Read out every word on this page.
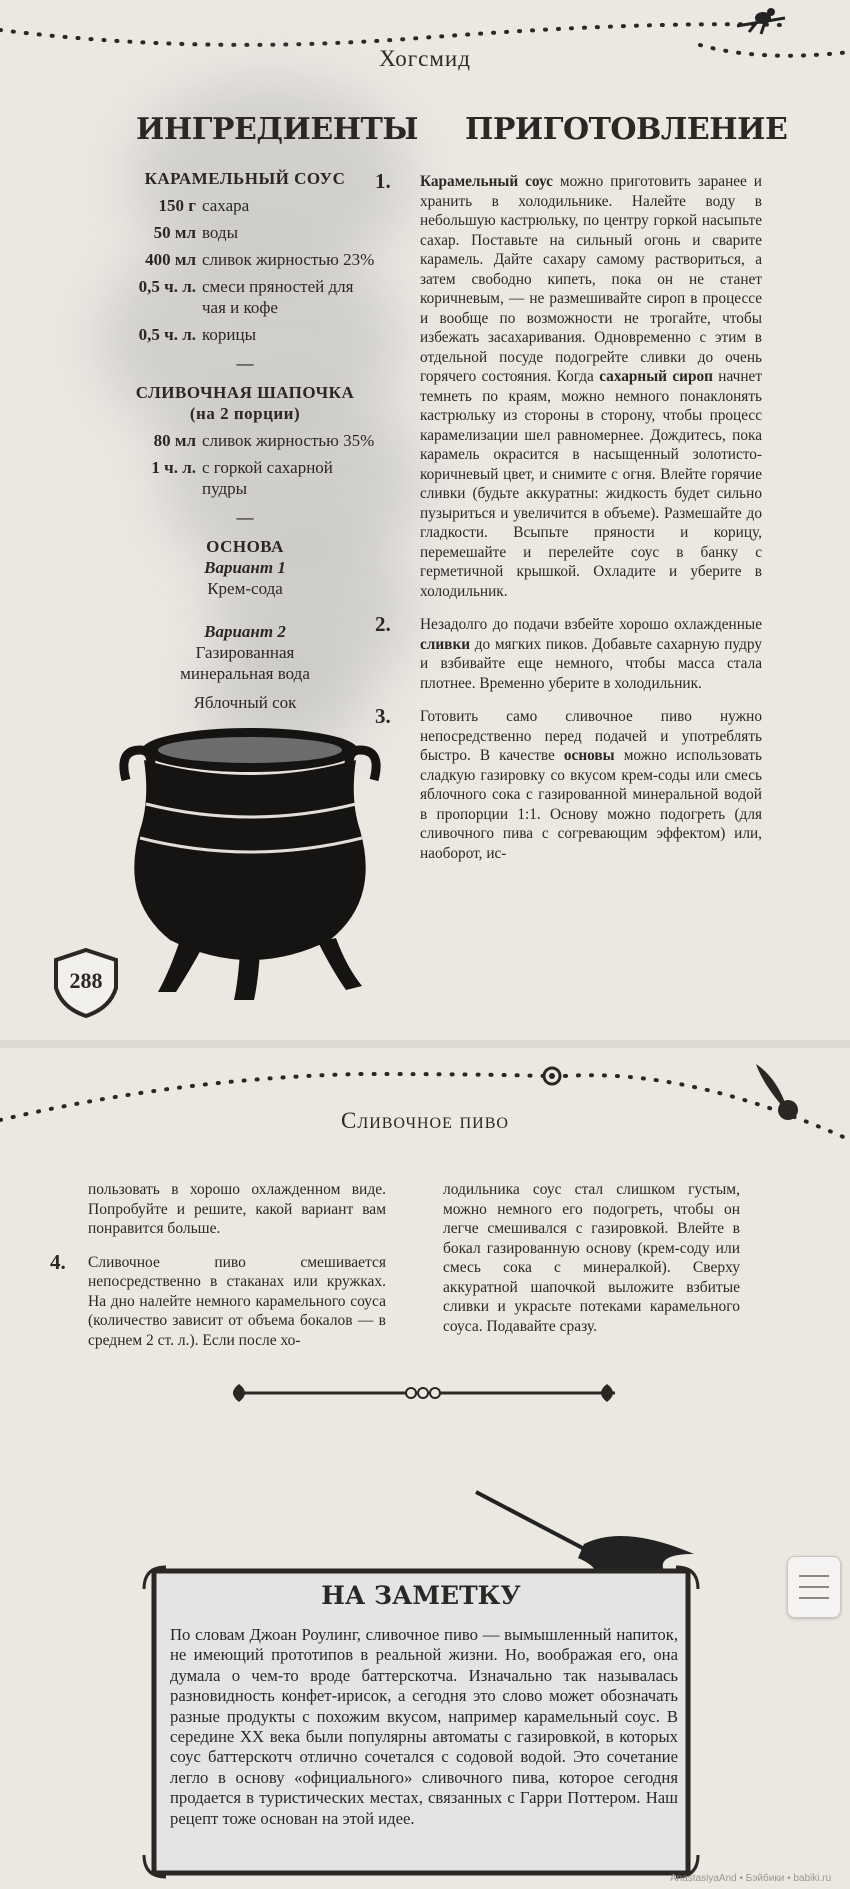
Хогсмид
ИНГРЕДИЕНТЫ ПРИГОТОВЛЕНИЕ
КАРАМЕЛЬНЫЙ СОУС
150 г сахара
50 мл воды
400 мл сливок жирностью 23%
0,5 ч. л. смеси пряностей для чая и кофе
0,5 ч. л. корицы
—
СЛИВОЧНАЯ ШАПОЧКА
(на 2 порции)
80 мл сливок жирностью 35%
1 ч. л. с горкой сахарной пудры
—
ОСНОВА
Вариант 1
Крем-сода
Вариант 2
Газированная
минеральная вода
Яблочный сок
288
1. Карамельный соус можно приготовить заранее и хранить в холодильнике. Налейте воду в небольшую кастрюльку, по центру горкой насыпьте сахар. Поставьте на сильный огонь и сварите карамель. Дайте сахару самому раствориться, а затем свободно кипеть, пока он не станет коричневым, — не размешивайте сироп в процессе и вообще по возможности не трогайте, чтобы избежать засахаривания. Одновременно с этим в отдельной посуде подогрейте сливки до очень горячего состояния. Когда сахарный сироп начнет темнеть по краям, можно немного понаклонять кастрюльку из стороны в сторону, чтобы процесс карамелизации шел равномернее. Дождитесь, пока карамель окрасится в насыщенный золотисто-коричневый цвет, и снимите с огня. Влейте горячие сливки (будьте аккуратны: жидкость будет сильно пузыриться и увеличится в объеме). Размешайте до гладкости. Всыпьте пряности и корицу, перемешайте и перелейте соус в банку с герметичной крышкой. Охладите и уберите в холодильник.
2. Незадолго до подачи взбейте хорошо охлажденные сливки до мягких пиков. Добавьте сахарную пудру и взбивайте еще немного, чтобы масса стала плотнее. Временно уберите в холодильник.
3. Готовить само сливочное пиво нужно непосредственно перед подачей и употреблять быстро. В качестве основы можно использовать сладкую газировку со вкусом крем-соды или смесь яблочного сока с газированной минеральной водой в пропорции 1:1. Основу можно подогреть (для сливочного пива с согревающим эффектом) или, наоборот, ис-
Сливочное пиво
пользовать в хорошо охлажденном виде. Попробуйте и решите, какой вариант вам понравится больше.
4. Сливочное пиво смешивается непосредственно в стаканах или кружках. На дно налейте немного карамельного соуса (количество зависит от объема бокалов — в среднем 2 ст. л.). Если после хо-
лодильника соус стал слишком густым, можно немного его подогреть, чтобы он легче смешивался с газировкой. Влейте в бокал газированную основу (крем-соду или смесь сока с минералкой). Сверху аккуратной шапочкой выложите взбитые сливки и украсьте потеками карамельного соуса. Подавайте сразу.
НА ЗАМЕТКУ
По словам Джоан Роулинг, сливочное пиво — вымышленный напиток, не имеющий прототипов в реальной жизни. Но, воображая его, она думала о чем-то вроде баттерскотча. Изначально так называлась разновидность конфет-ирисок, а сегодня это слово может обозначать разные продукты с похожим вкусом, например карамельный соус. В середине XX века были популярны автоматы с газировкой, в которых соус баттерскотч отлично сочетался с содовой водой. Это сочетание легло в основу «официального» сливочного пива, которое сегодня продается в туристических местах, связанных с Гарри Поттером. Наш рецепт тоже основан на этой идее.
AnastasiyaAnd • Бэйбики • babiki.ru
